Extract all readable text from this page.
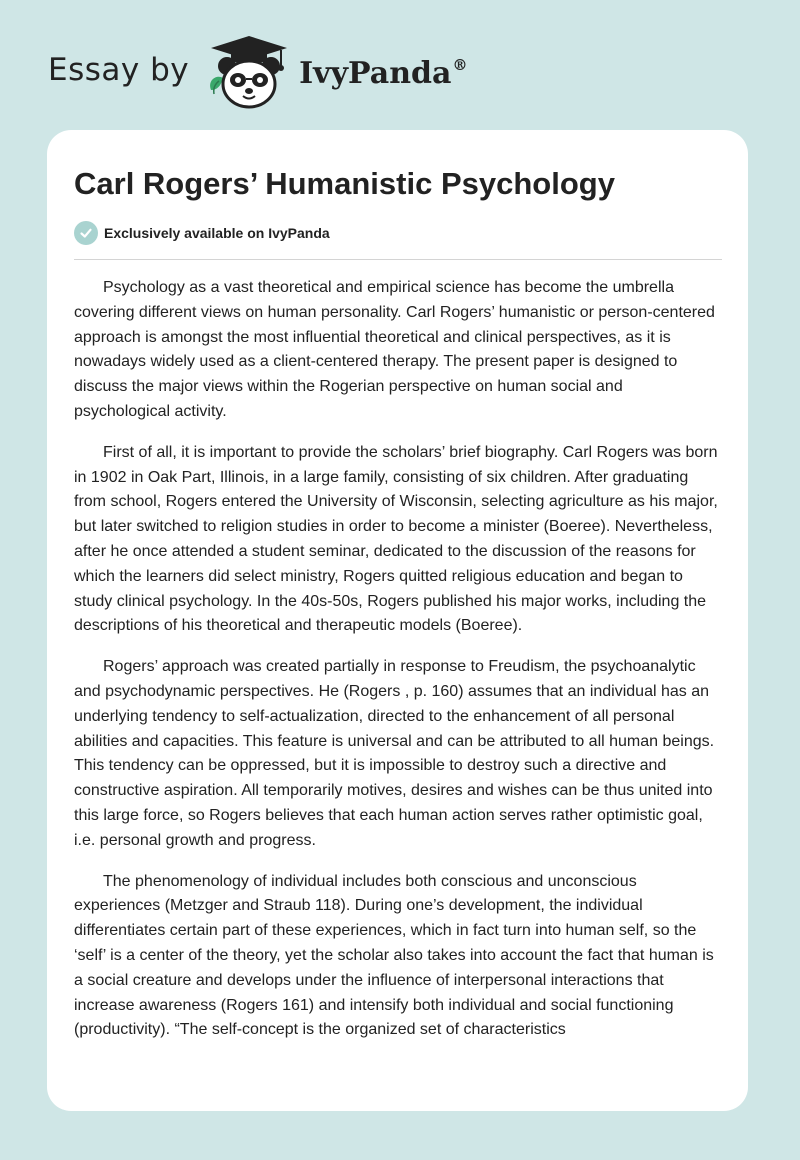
Essay by	IvyPanda®
Carl Rogers’ Humanistic Psychology
Exclusively available on IvyPanda

Psychology as a vast theoretical and empirical science has become the umbrella covering different views on human personality. Carl Rogers’ humanistic or person-centered approach is amongst the most influential theoretical and clinical perspectives, as it is nowadays widely used as a client-centered therapy. The present paper is designed to discuss the major views within the Rogerian perspective on human social and psychological activity.

First of all, it is important to provide the scholars’ brief biography. Carl Rogers was born in 1902 in Oak Part, Illinois, in a large family, consisting of six children. After graduating from school, Rogers entered the University of Wisconsin, selecting agriculture as his major, but later switched to religion studies in order to become a minister (Boeree). Nevertheless, after he once attended a student seminar, dedicated to the discussion of the reasons for which the learners did select ministry, Rogers quitted religious education and began to study clinical psychology. In the 40s-50s, Rogers published his major works, including the descriptions of his theoretical and therapeutic models (Boeree).

Rogers’ approach was created partially in response to Freudism, the psychoanalytic and psychodynamic perspectives. He (Rogers , p. 160) assumes that an individual has an underlying tendency to self-actualization, directed to the enhancement of all personal abilities and capacities. This feature is universal and can be attributed to all human beings. This tendency can be oppressed, but it is impossible to destroy such a directive and constructive aspiration. All temporarily motives, desires and wishes can be thus united into this large force, so Rogers believes that each human action serves rather optimistic goal, i.e. personal growth and progress.

The phenomenology of individual includes both conscious and unconscious experiences (Metzger and Straub 118). During one’s development, the individual differentiates certain part of these experiences, which in fact turn into human self, so the ‘self’ is a center of the theory, yet the scholar also takes into account the fact that human is a social creature and develops under the influence of interpersonal interactions that increase awareness (Rogers 161) and intensify both individual and social functioning (productivity). “The self-concept is the organized set of characteristics
